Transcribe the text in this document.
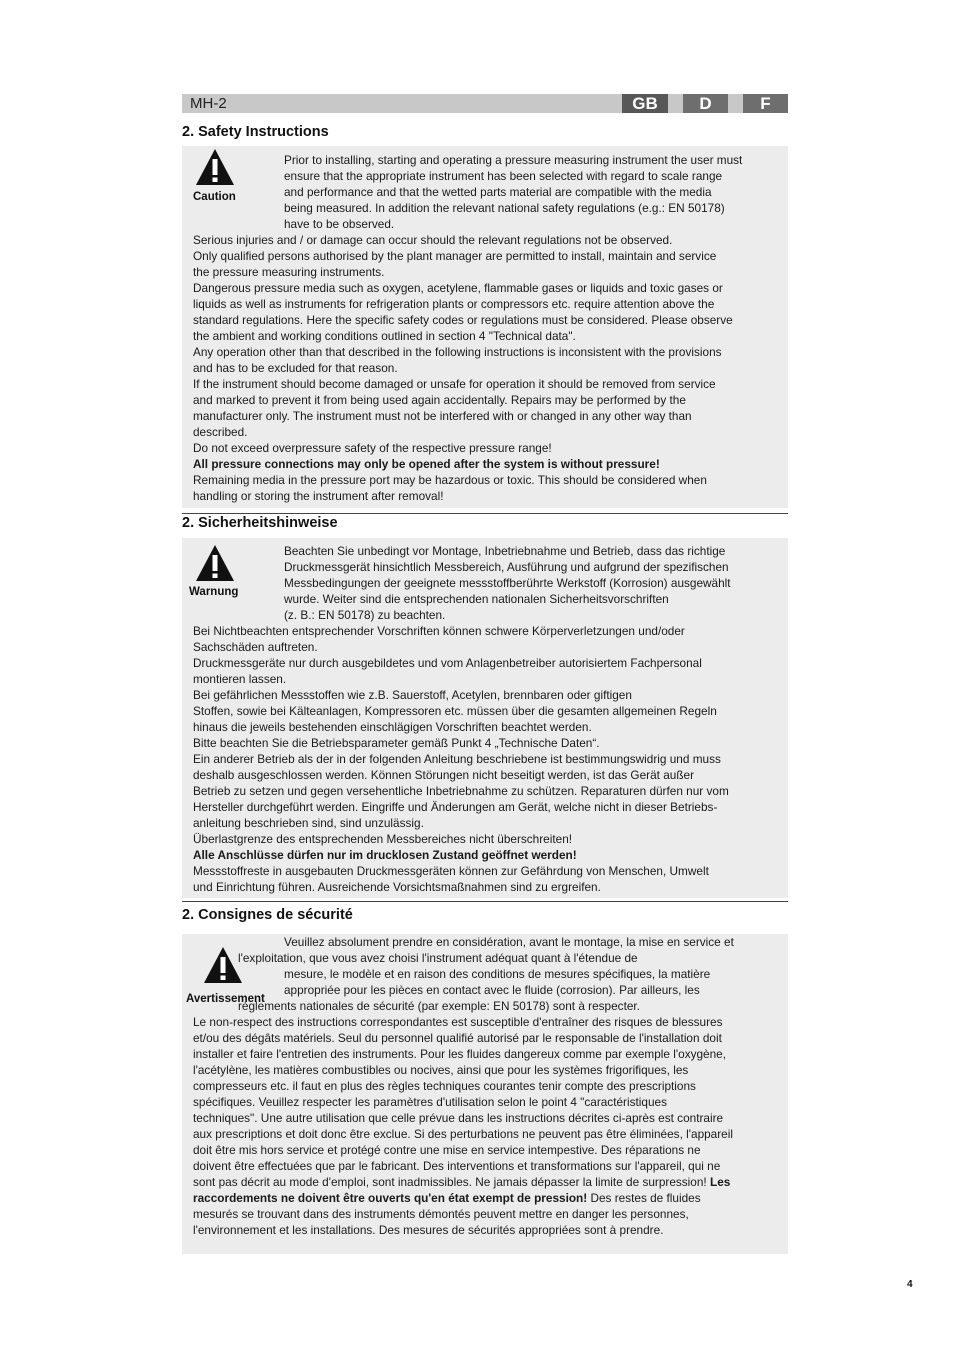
MH-2	GB	D	F
2. Safety Instructions
Caution
Prior to installing, starting and operating a pressure measuring instrument the user must
ensure that the appropriate instrument has been selected with regard to scale range
and performance and that the wetted parts material are compatible with the media
being measured. In addition the relevant national safety regulations (e.g.: EN 50178)
have to be observed.
Serious injuries and / or damage can occur should the relevant regulations not be observed.
Only qualified persons authorised by the plant manager are permitted to install, maintain and service
the pressure measuring instruments.
Dangerous pressure media such as oxygen, acetylene, flammable gases or liquids and toxic gases or
liquids as well as instruments for refrigeration plants or compressors etc. require attention above the
standard regulations. Here the specific safety codes or regulations must be considered. Please observe
the ambient and working conditions outlined in section 4 "Technical data".
Any operation other than that described in the following instructions is inconsistent with the provisions
and has to be excluded for that reason.
If the instrument should become damaged or unsafe for operation it should be removed from service
and marked to prevent it from being used again accidentally. Repairs may be performed by the
manufacturer only. The instrument must not be interfered with or changed in any other way than
described.
Do not exceed overpressure safety of the respective pressure range!
All pressure connections may only be opened after the system is without pressure!
Remaining media in the pressure port may be hazardous or toxic. This should be considered when
handling or storing the instrument after removal!
2. Sicherheitshinweise
Warnung
Beachten Sie unbedingt vor Montage, Inbetriebnahme und Betrieb, dass das richtige
Druckmessgerät hinsichtlich Messbereich, Ausführung und aufgrund der spezifischen
Messbedingungen der geeignete messstoffberührte Werkstoff (Korrosion) ausgewählt
wurde. Weiter sind die entsprechenden nationalen Sicherheitsvorschriften
(z. B.: EN 50178) zu beachten.
Bei Nichtbeachten entsprechender Vorschriften können schwere Körperverletzungen und/oder
Sachschäden auftreten.
Druckmessgeräte nur durch ausgebildetes und vom Anlagenbetreiber autorisiertem Fachpersonal
montieren lassen.
Bei gefährlichen Messstoffen wie z.B. Sauerstoff, Acetylen, brennbaren oder giftigen
Stoffen, sowie bei Kälteanlagen, Kompressoren etc. müssen über die gesamten allgemeinen Regeln
hinaus die jeweils bestehenden einschlägigen Vorschriften beachtet werden.
Bitte beachten Sie die Betriebsparameter gemäß Punkt 4 „Technische Daten“.
Ein anderer Betrieb als der in der folgenden Anleitung beschriebene ist bestimmungswidrig und muss
deshalb ausgeschlossen werden. Können Störungen nicht beseitigt werden, ist das Gerät außer
Betrieb zu setzen und gegen versehentliche Inbetriebnahme zu schützen. Reparaturen dürfen nur vom
Hersteller durchgeführt werden. Eingriffe und Änderungen am Gerät, welche nicht in dieser Betriebs-
anleitung beschrieben sind, sind unzulässig.
Überlastgrenze des entsprechenden Messbereiches nicht überschreiten!
Alle Anschlüsse dürfen nur im drucklosen Zustand geöffnet werden!
Messstoffreste in ausgebauten Druckmessgeräten können zur Gefährdung von Menschen, Umwelt
und Einrichtung führen. Ausreichende Vorsichtsmaßnahmen sind zu ergreifen.
2. Consignes de sécurité
Avertissement
Veuillez absolument prendre en considération, avant le montage, la mise en service et
l'exploitation, que vous avez choisi l'instrument adéquat quant à l'étendue de
mesure, le modèle et en raison des conditions de mesures spécifiques, la matière
appropriée pour les pièces en contact avec le fluide (corrosion). Par ailleurs, les
réglements nationales de sécurité (par exemple: EN 50178) sont à respecter.
Le non-respect des instructions correspondantes est susceptible d'entraîner des risques de blessures
et/ou des dégâts matériels. Seul du personnel qualifié autorisé par le responsable de l'installation doit
installer et faire l'entretien des instruments. Pour les fluides dangereux comme par exemple l'oxygène,
l'acétylène, les matières combustibles ou nocives, ainsi que pour les systèmes frigorifiques, les
compresseurs etc. il faut en plus des règles techniques courantes tenir compte des prescriptions
spécifiques. Veuillez respecter les paramètres d'utilisation selon le point 4 "caractéristiques
techniques". Une autre utilisation que celle prévue dans les instructions décrites ci-après est contraire
aux prescriptions et doit donc être exclue. Si des perturbations ne peuvent pas être éliminées, l'appareil
doit être mis hors service et protégé contre une mise en service intempestive. Des réparations ne
doivent être effectuées que par le fabricant. Des interventions et transformations sur l'appareil, qui ne
sont pas décrit au mode d'emploi, sont inadmissibles. Ne jamais dépasser la limite de surpression! Les
raccordements ne doivent être ouverts qu'en état exempt de pression! Des restes de fluides
mesurés se trouvant dans des instruments démontés peuvent mettre en danger les personnes,
l'environnement et les installations. Des mesures de sécurités appropriées sont à prendre.
4
